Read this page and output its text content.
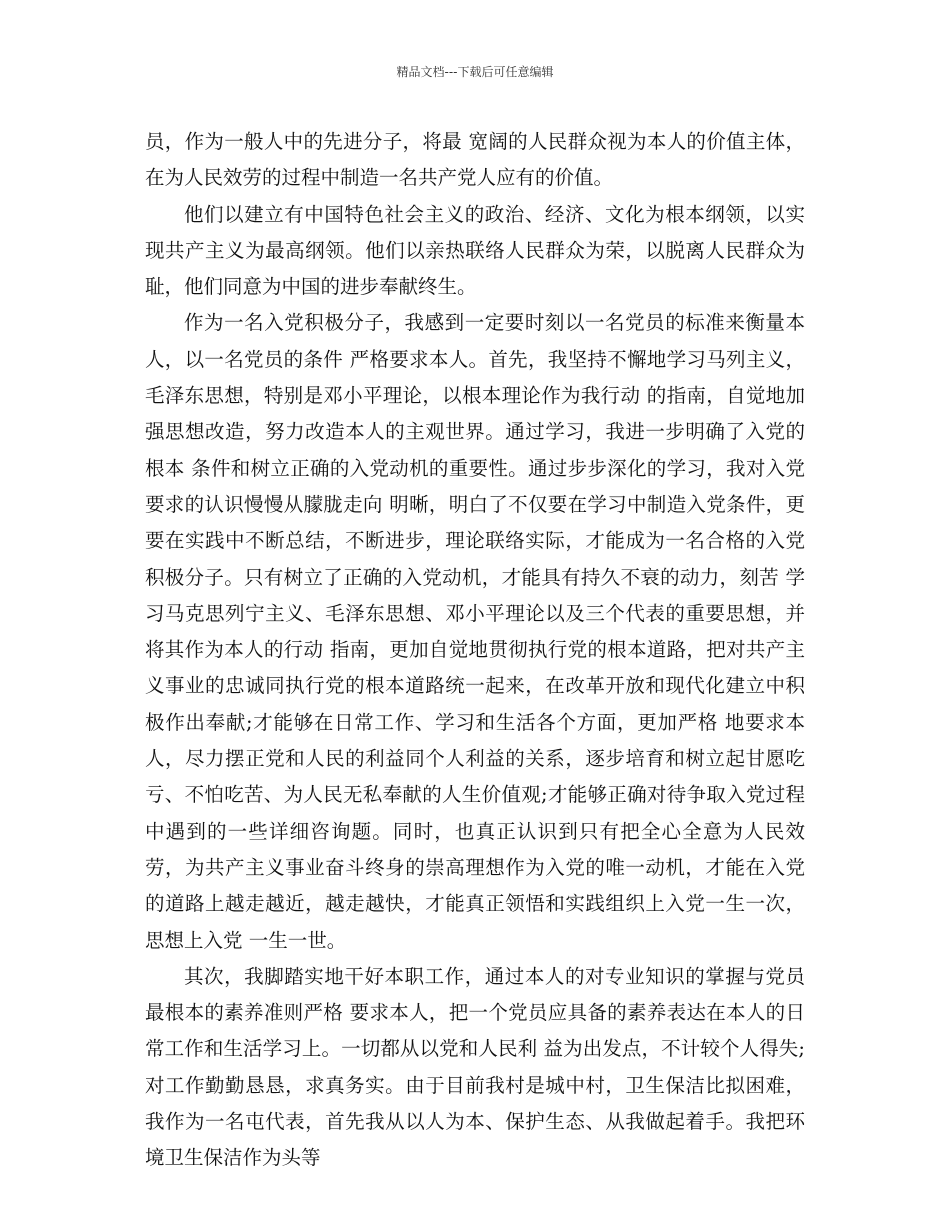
精品文档---下载后可任意编辑

员，作为一般人中的先进分子，将最 宽阔的人民群众视为本人的价值主体，在为人民效劳的过程中制造一名共产党人应有的价值。

他们以建立有中国特色社会主义的政治、经济、文化为根本纲领，以实现共产主义为最高纲领。他们以亲热联络人民群众为荣，以脱离人民群众为耻，他们同意为中国的进步奉献终生。

作为一名入党积极分子，我感到一定要时刻以一名党员的标准来衡量本人，以一名党员的条件 严格要求本人。首先，我坚持不懈地学习马列主义，毛泽东思想，特别是邓小平理论，以根本理论作为我行动 的指南，自觉地加强思想改造，努力改造本人的主观世界。通过学习，我进一步明确了入党的根本 条件和树立正确的入党动机的重要性。通过步步深化的学习，我对入党要求的认识慢慢从朦胧走向 明晰，明白了不仅要在学习中制造入党条件，更要在实践中不断总结，不断进步，理论联络实际，才能成为一名合格的入党积极分子。只有树立了正确的入党动机，才能具有持久不衰的动力，刻苦 学习马克思列宁主义、毛泽东思想、邓小平理论以及三个代表的重要思想，并将其作为本人的行动 指南，更加自觉地贯彻执行党的根本道路，把对共产主义事业的忠诚同执行党的根本道路统一起来，在改革开放和现代化建立中积极作出奉献;才能够在日常工作、学习和生活各个方面，更加严格 地要求本人，尽力摆正党和人民的利益同个人利益的关系，逐步培育和树立起甘愿吃亏、不怕吃苦、为人民无私奉献的人生价值观;才能够正确对待争取入党过程中遇到的一些详细咨询题。同时，也真正认识到只有把全心全意为人民效劳，为共产主义事业奋斗终身的崇高理想作为入党的唯一动机，才能在入党的道路上越走越近，越走越快，才能真正领悟和实践组织上入党一生一次，思想上入党 一生一世。

其次，我脚踏实地干好本职工作，通过本人的对专业知识的掌握与党员最根本的素养准则严格 要求本人，把一个党员应具备的素养表达在本人的日常工作和生活学习上。一切都从以党和人民利 益为出发点，不计较个人得失;对工作勤勤恳恳，求真务实。由于目前我村是城中村，卫生保洁比拟困难，我作为一名屯代表，首先我从以人为本、保护生态、从我做起着手。我把环境卫生保洁作为头等
